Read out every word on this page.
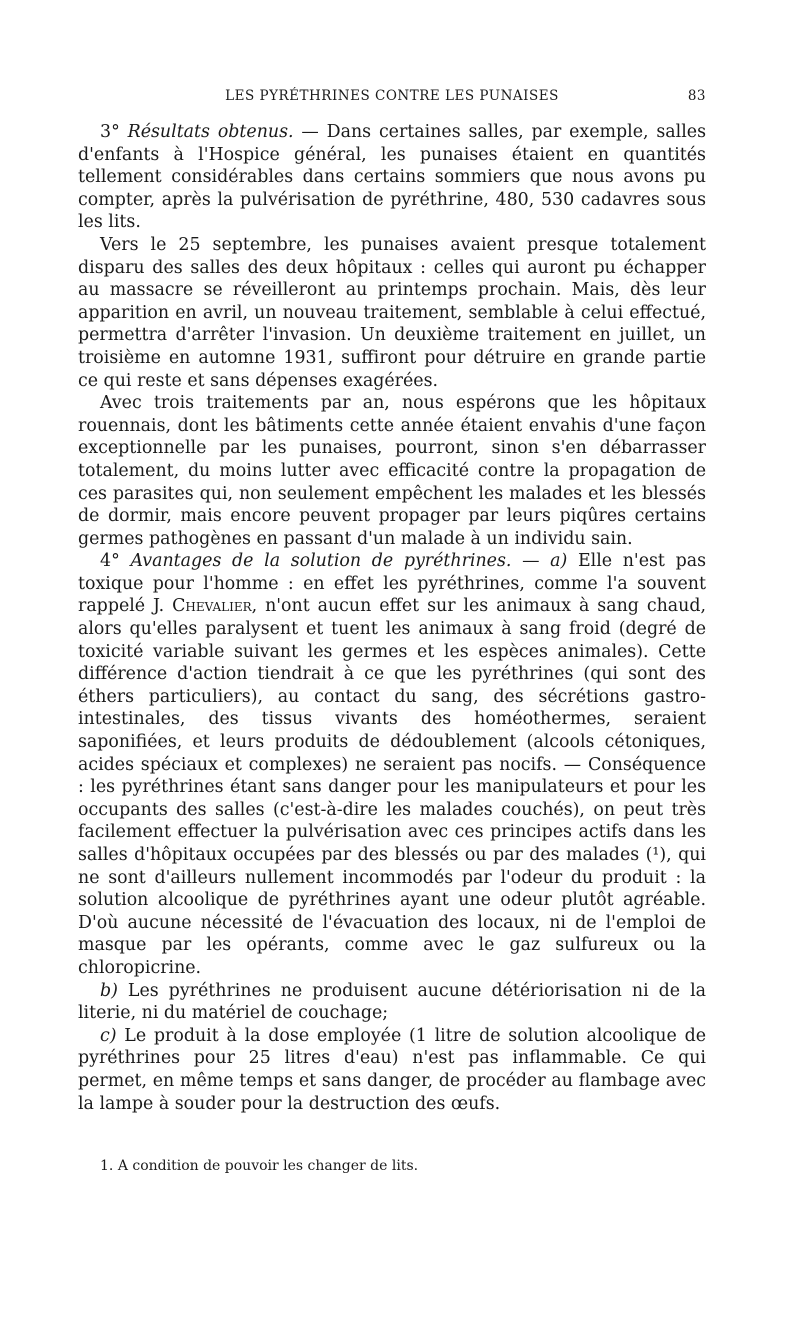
LES PYRÉTHRINES CONTRE LES PUNAISES	83

3° Résultats obtenus. — Dans certaines salles, par exemple, salles d'enfants à l'Hospice général, les punaises étaient en quantités tellement considérables dans certains sommiers que nous avons pu compter, après la pulvérisation de pyréthrine, 480, 530 cadavres sous les lits.

Vers le 25 septembre, les punaises avaient presque totalement disparu des salles des deux hôpitaux : celles qui auront pu échapper au massacre se réveilleront au printemps prochain. Mais, dès leur apparition en avril, un nouveau traitement, semblable à celui effectué, permettra d'arrêter l'invasion. Un deuxième traitement en juillet, un troisième en automne 1931, suffiront pour détruire en grande partie ce qui reste et sans dépenses exagérées.

Avec trois traitements par an, nous espérons que les hôpitaux rouennais, dont les bâtiments cette année étaient envahis d'une façon exceptionnelle par les punaises, pourront, sinon s'en débarrasser totalement, du moins lutter avec efficacité contre la propagation de ces parasites qui, non seulement empêchent les malades et les blessés de dormir, mais encore peuvent propager par leurs piqûres certains germes pathogènes en passant d'un malade à un individu sain.

4° Avantages de la solution de pyréthrines. — a) Elle n'est pas toxique pour l'homme : en effet les pyréthrines, comme l'a souvent rappelé J. Chevalier, n'ont aucun effet sur les animaux à sang chaud, alors qu'elles paralysent et tuent les animaux à sang froid (degré de toxicité variable suivant les germes et les espèces animales). Cette différence d'action tiendrait à ce que les pyréthrines (qui sont des éthers particuliers), au contact du sang, des sécrétions gastro-intestinales, des tissus vivants des homéothermes, seraient saponifiées, et leurs produits de dédoublement (alcools cétoniques, acides spéciaux et complexes) ne seraient pas nocifs. — Conséquence : les pyréthrines étant sans danger pour les manipulateurs et pour les occupants des salles (c'est-à-dire les malades couchés), on peut très facilement effectuer la pulvérisation avec ces principes actifs dans les salles d'hôpitaux occupées par des blessés ou par des malades (¹), qui ne sont d'ailleurs nullement incommodés par l'odeur du produit : la solution alcoolique de pyréthrines ayant une odeur plutôt agréable. D'où aucune nécessité de l'évacuation des locaux, ni de l'emploi de masque par les opérants, comme avec le gaz sulfureux ou la chloropicrine.

b) Les pyréthrines ne produisent aucune détériorisation ni de la literie, ni du matériel de couchage;

c) Le produit à la dose employée (1 litre de solution alcoolique de pyréthrines pour 25 litres d'eau) n'est pas inflammable. Ce qui permet, en même temps et sans danger, de procéder au flambage avec la lampe à souder pour la destruction des œufs.

1. A condition de pouvoir les changer de lits.
